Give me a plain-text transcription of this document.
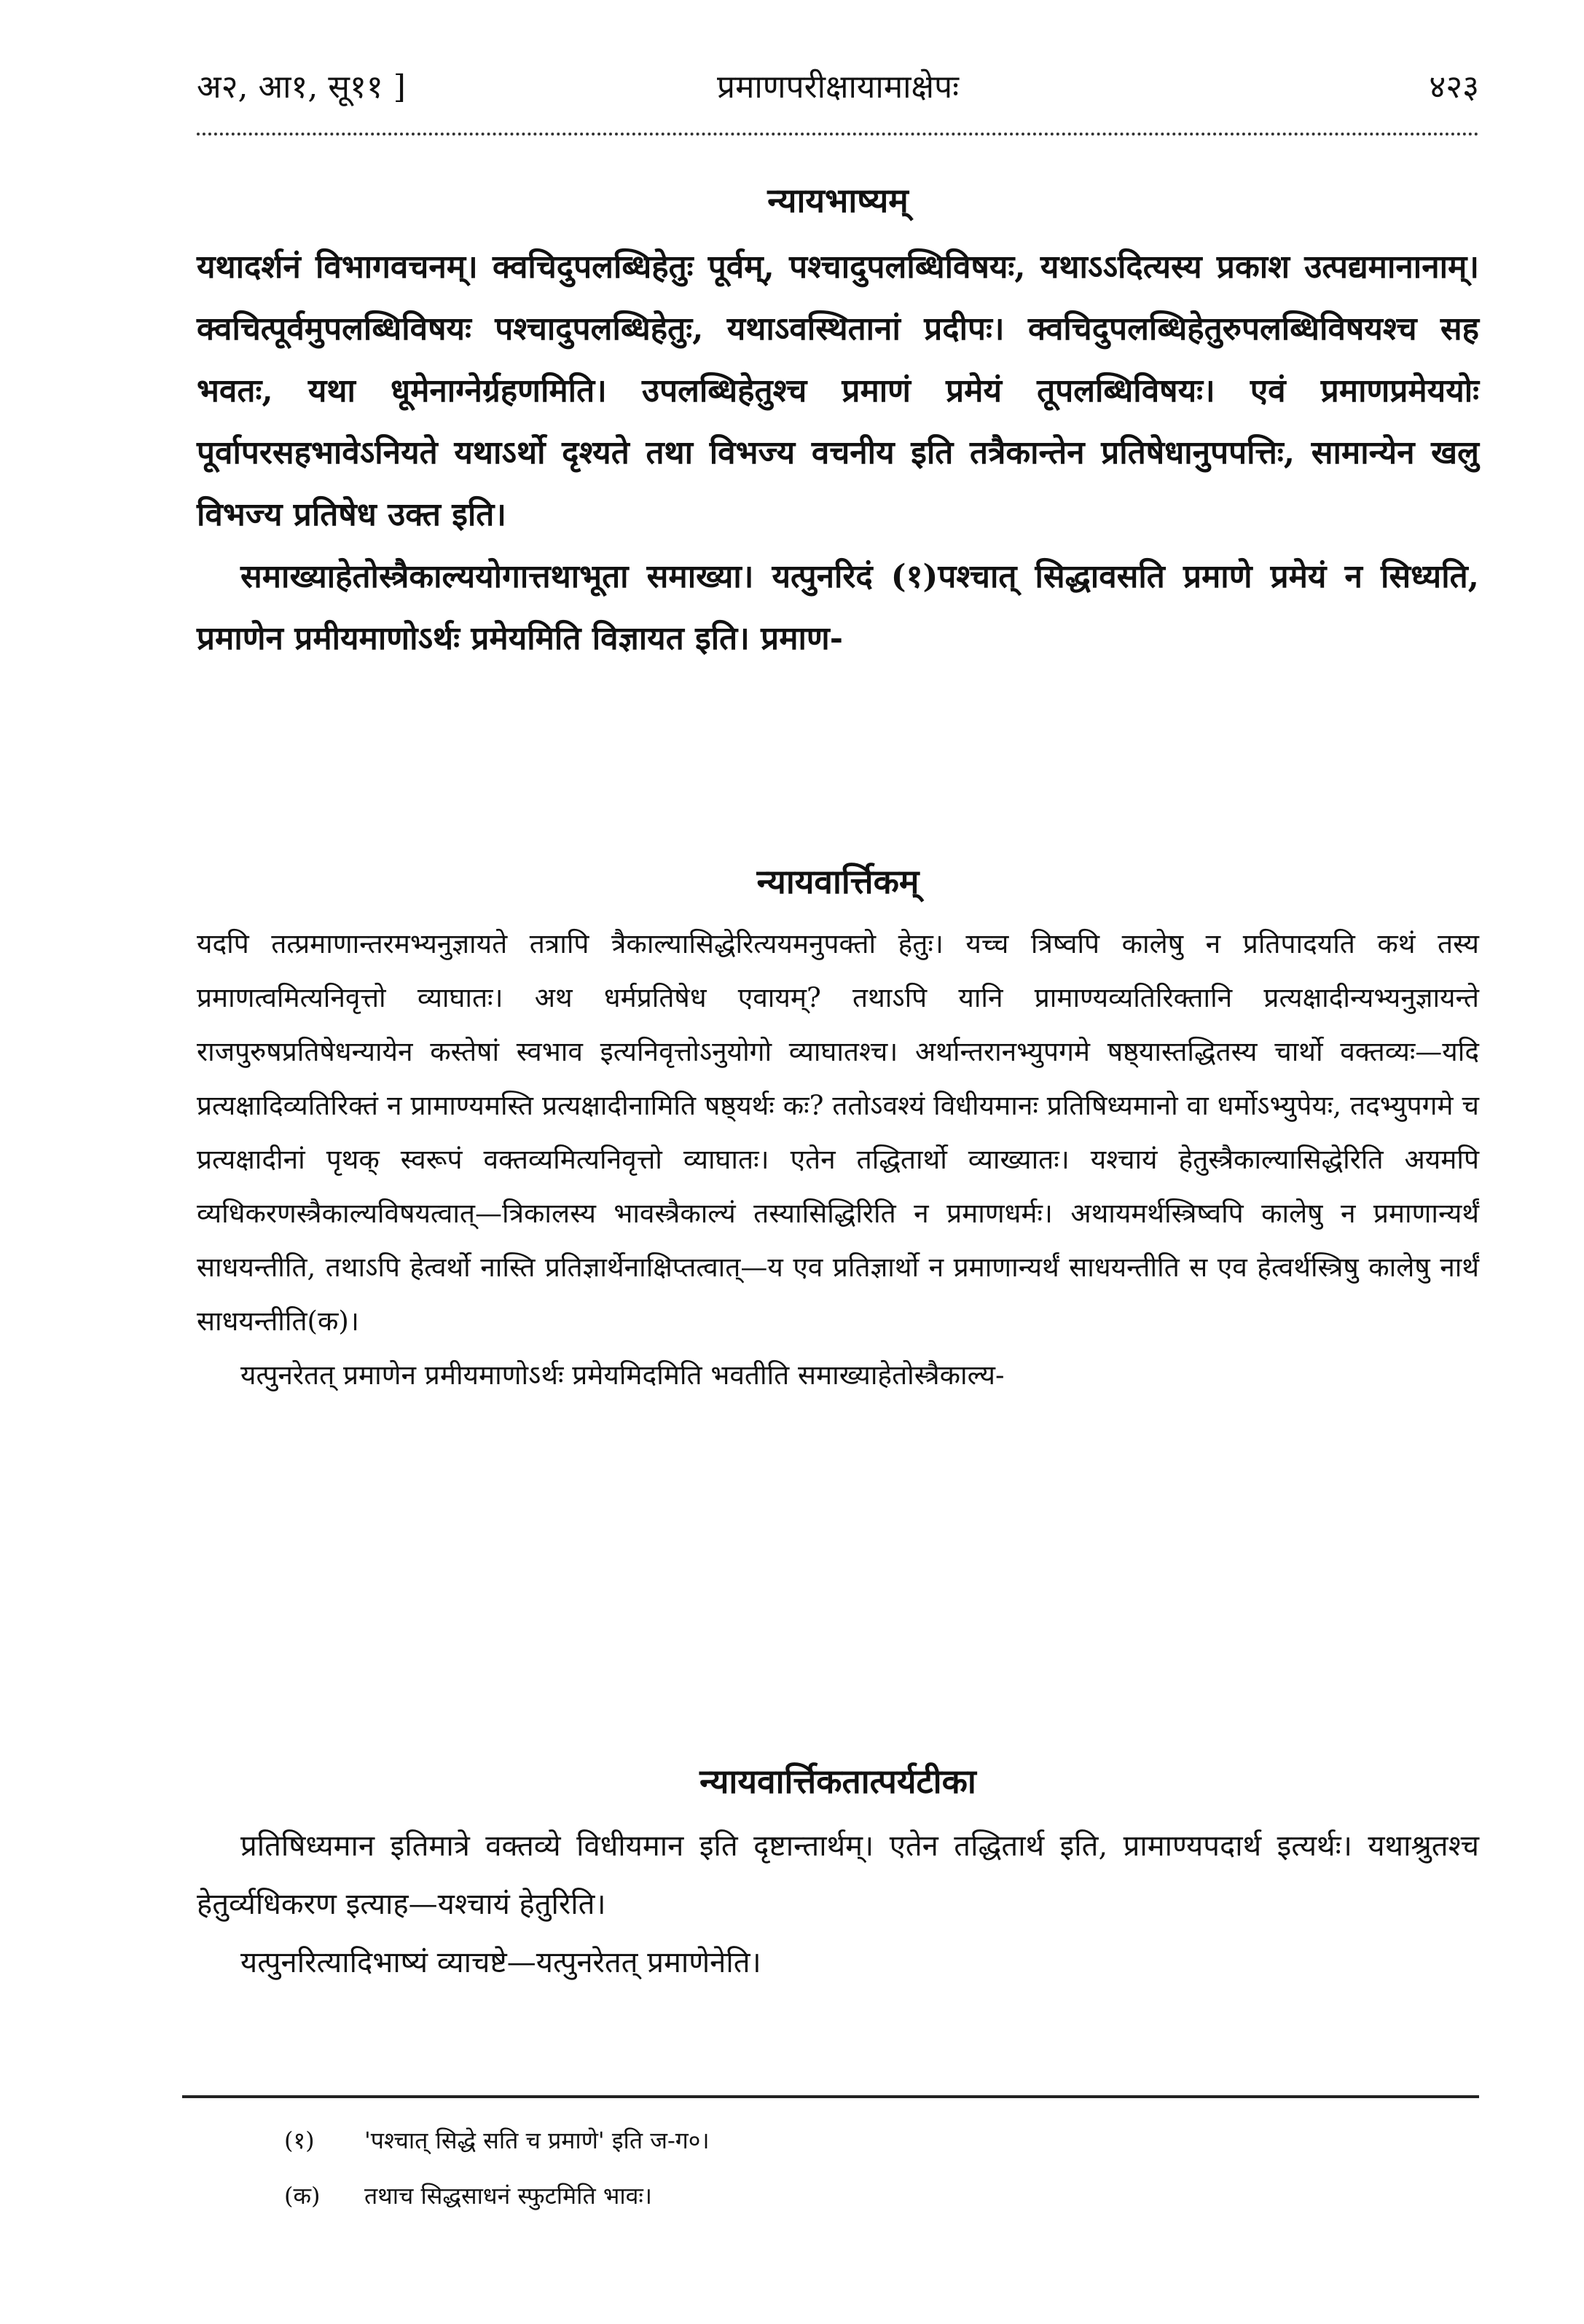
अ२, आ१, सू११ ]	प्रमाणपरीक्षायामाक्षेपः	४२३
न्यायभाष्यम्

यथादर्शनं विभागवचनम्। क्वचिदुपलब्धिहेतुः पूर्वम्, पश्चादुपलब्धिविषयः, यथाऽऽदित्यस्य प्रकाश उत्पद्यमानानाम्। क्वचित्पूर्वमुपलब्धिविषयः पश्चादुपलब्धिहेतुः, यथाऽवस्थितानां प्रदीपः। क्वचिदुपलब्धिहेतुरुपलब्धिविषयश्च सह भवतः, यथा धूमेनाग्नेर्ग्रहणमिति। उपलब्धिहेतुश्च प्रमाणं प्रमेयं तूपलब्धिविषयः। एवं प्रमाणप्रमेययोः पूर्वापरसहभावेऽनियते यथाऽर्थो दृश्यते तथा विभज्य वचनीय इति तत्रैकान्तेन प्रतिषेधानुपपत्तिः, सामान्येन खलु विभज्य प्रतिषेध उक्त इति।

समाख्याहेतोस्त्रैकाल्ययोगात्तथाभूता समाख्या। यत्पुनरिदं (१)पश्चात् सिद्धावसति प्रमाणे प्रमेयं न सिध्यति, प्रमाणेन प्रमीयमाणोऽर्थः प्रमेयमिति विज्ञायत इति। प्रमाण-

न्यायवार्त्तिकम्

यदपि तत्प्रमाणान्तरमभ्यनुज्ञायते तत्रापि त्रैकाल्यासिद्धेरित्ययमनुपक्तो हेतुः। यच्च त्रिष्वपि कालेषु न प्रतिपादयति कथं तस्य प्रमाणत्वमित्यनिवृत्तो व्याघातः। अथ धर्मप्रतिषेध एवायम्? तथाऽपि यानि प्रामाण्यव्यतिरिक्तानि प्रत्यक्षादीन्यभ्यनुज्ञायन्ते राजपुरुषप्रतिषेधन्यायेन कस्तेषां स्वभाव इत्यनिवृत्तोऽनुयोगो व्याघातश्च। अर्थान्तरानभ्युपगमे षष्ठ्यास्तद्धितस्य चार्थो वक्तव्यः—यदि प्रत्यक्षादिव्यतिरिक्तं न प्रामाण्यमस्ति प्रत्यक्षादीनामिति षष्ठ्यर्थः कः? ततोऽवश्यं विधीयमानः प्रतिषिध्यमानो वा धर्मोऽभ्युपेयः, तदभ्युपगमे च प्रत्यक्षादीनां पृथक् स्वरूपं वक्तव्यमित्यनिवृत्तो व्याघातः। एतेन तद्धितार्थो व्याख्यातः। यश्चायं हेतुस्त्रैकाल्यासिद्धेरिति अयमपि व्यधिकरणस्त्रैकाल्यविषयत्वात्—त्रिकालस्य भावस्त्रैकाल्यं तस्यासिद्धिरिति न प्रमाणधर्मः। अथायमर्थस्त्रिष्वपि कालेषु न प्रमाणान्यर्थं साधयन्तीति, तथाऽपि हेत्वर्थो नास्ति प्रतिज्ञार्थेनाक्षिप्तत्वात्—य एव प्रतिज्ञार्थो न प्रमाणान्यर्थं साधयन्तीति स एव हेत्वर्थस्त्रिषु कालेषु नार्थं साधयन्तीति(क)।

यत्पुनरेतत् प्रमाणेन प्रमीयमाणोऽर्थः प्रमेयमिदमिति भवतीति समाख्याहेतोस्त्रैकाल्य-

न्यायवार्त्तिकतात्पर्यटीका

प्रतिषिध्यमान इतिमात्रे वक्तव्ये विधीयमान इति दृष्टान्तार्थम्। एतेन तद्धितार्थ इति, प्रामाण्यपदार्थ इत्यर्थः। यथाश्रुतश्च हेतुर्व्यधिकरण इत्याह—यश्चायं हेतुरिति।

यत्पुनरित्यादिभाष्यं व्याचष्टे—यत्पुनरेतत् प्रमाणेनेति।

(१) 'पश्चात् सिद्धे सति च प्रमाणे' इति ज-ग०।

(क) तथाच सिद्धसाधनं स्फुटमिति भावः।
